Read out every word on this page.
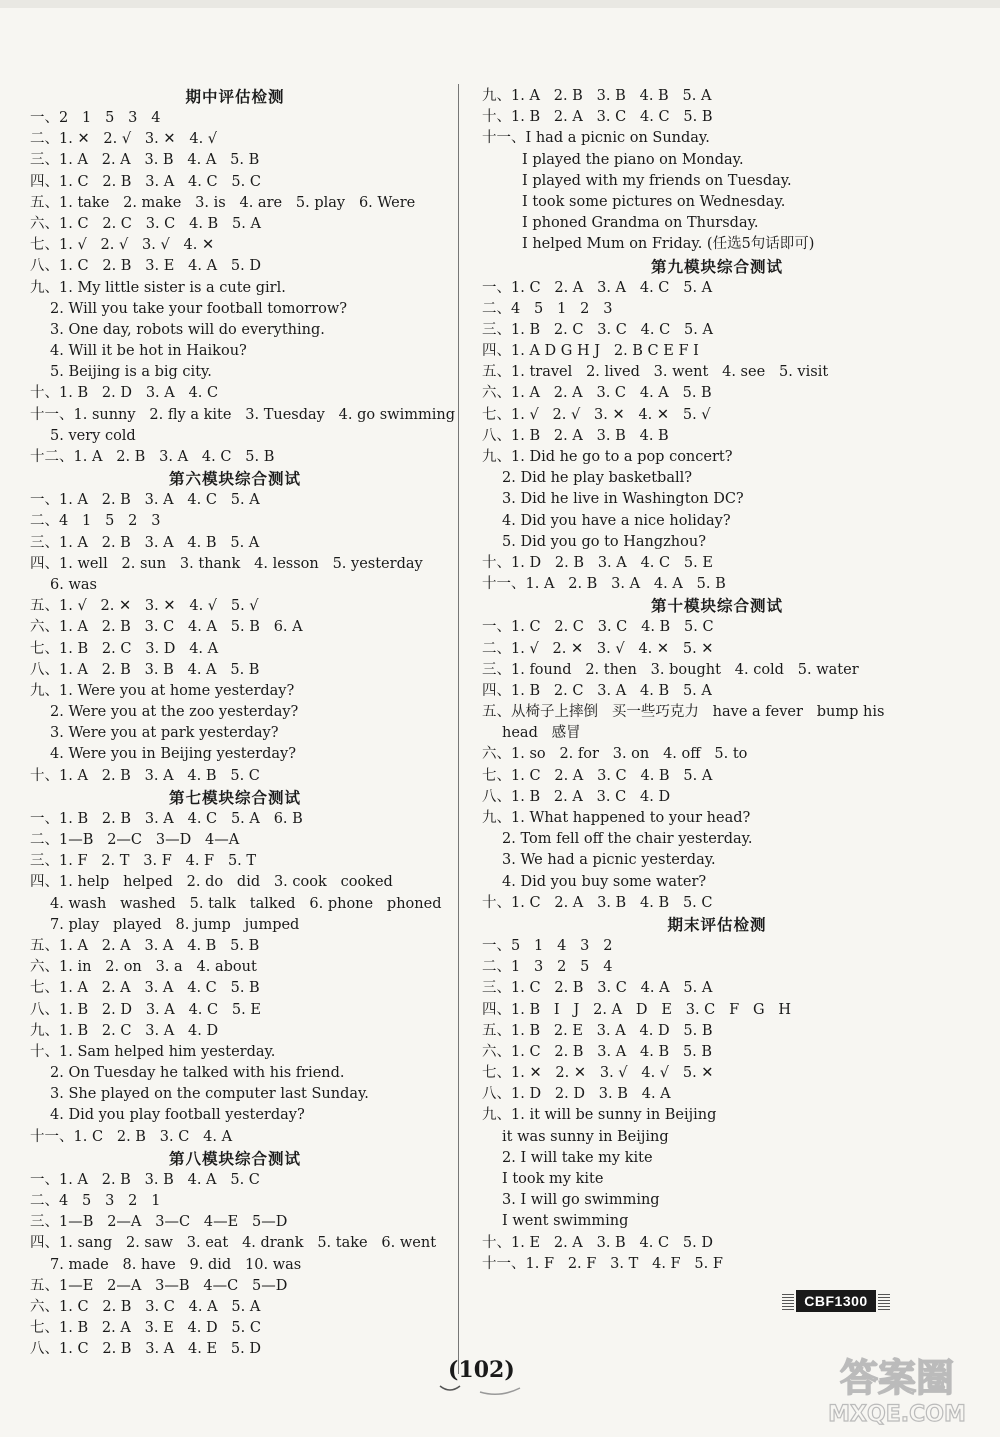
期中评估检测
一、2   1   5   3   4
二、1. ✕   2. √   3. ✕   4. √
三、1. A   2. A   3. B   4. A   5. B
四、1. C   2. B   3. A   4. C   5. C
五、1. take   2. make   3. is   4. are   5. play   6. Were
六、1. C   2. C   3. C   4. B   5. A
七、1. √   2. √   3. √   4. ✕
八、1. C   2. B   3. E   4. A   5. D
九、1. My little sister is a cute girl.
2. Will you take your football tomorrow?
3. One day, robots will do everything.
4. Will it be hot in Haikou?
5. Beijing is a big city.
十、1. B   2. D   3. A   4. C
十一、1. sunny   2. fly a kite   3. Tuesday   4. go swimming
5. very cold
十二、1. A   2. B   3. A   4. C   5. B
第六模块综合测试
一、1. A   2. B   3. A   4. C   5. A
二、4   1   5   2   3
三、1. A   2. B   3. A   4. B   5. A
四、1. well   2. sun   3. thank   4. lesson   5. yesterday
6. was
五、1. √   2. ✕   3. ✕   4. √   5. √
六、1. A   2. B   3. C   4. A   5. B   6. A
七、1. B   2. C   3. D   4. A
八、1. A   2. B   3. B   4. A   5. B
九、1. Were you at home yesterday?
2. Were you at the zoo yesterday?
3. Were you at park yesterday?
4. Were you in Beijing yesterday?
十、1. A   2. B   3. A   4. B   5. C
第七模块综合测试
一、1. B   2. B   3. A   4. C   5. A   6. B
二、1—B   2—C   3—D   4—A
三、1. F   2. T   3. F   4. F   5. T
四、1. help   helped   2. do   did   3. cook   cooked
4. wash   washed   5. talk   talked   6. phone   phoned
7. play   played   8. jump   jumped
五、1. A   2. A   3. A   4. B   5. B
六、1. in   2. on   3. a   4. about
七、1. A   2. A   3. A   4. C   5. B
八、1. B   2. D   3. A   4. C   5. E
九、1. B   2. C   3. A   4. D
十、1. Sam helped him yesterday.
2. On Tuesday he talked with his friend.
3. She played on the computer last Sunday.
4. Did you play football yesterday?
十一、1. C   2. B   3. C   4. A
第八模块综合测试
一、1. A   2. B   3. B   4. A   5. C
二、4   5   3   2   1
三、1—B   2—A   3—C   4—E   5—D
四、1. sang   2. saw   3. eat   4. drank   5. take   6. went
7. made   8. have   9. did   10. was
五、1—E   2—A   3—B   4—C   5—D
六、1. C   2. B   3. C   4. A   5. A
七、1. B   2. A   3. E   4. D   5. C
八、1. C   2. B   3. A   4. E   5. D
九、1. A   2. B   3. B   4. B   5. A
十、1. B   2. A   3. C   4. C   5. B
十一、I had a picnic on Sunday.
I played the piano on Monday.
I played with my friends on Tuesday.
I took some pictures on Wednesday.
I phoned Grandma on Thursday.
I helped Mum on Friday. (任选5句话即可)
第九模块综合测试
一、1. C   2. A   3. A   4. C   5. A
二、4   5   1   2   3
三、1. B   2. C   3. C   4. C   5. A
四、1. A D G H J   2. B C E F I
五、1. travel   2. lived   3. went   4. see   5. visit
六、1. A   2. A   3. C   4. A   5. B
七、1. √   2. √   3. ✕   4. ✕   5. √
八、1. B   2. A   3. B   4. B
九、1. Did he go to a pop concert?
2. Did he play basketball?
3. Did he live in Washington DC?
4. Did you have a nice holiday?
5. Did you go to Hangzhou?
十、1. D   2. B   3. A   4. C   5. E
十一、1. A   2. B   3. A   4. A   5. B
第十模块综合测试
一、1. C   2. C   3. C   4. B   5. C
二、1. √   2. ✕   3. √   4. ✕   5. ✕
三、1. found   2. then   3. bought   4. cold   5. water
四、1. B   2. C   3. A   4. B   5. A
五、从椅子上摔倒   买一些巧克力   have a fever   bump his
head   感冒
六、1. so   2. for   3. on   4. off   5. to
七、1. C   2. A   3. C   4. B   5. A
八、1. B   2. A   3. C   4. D
九、1. What happened to your head?
2. Tom fell off the chair yesterday.
3. We had a picnic yesterday.
4. Did you buy some water?
十、1. C   2. A   3. B   4. B   5. C
期末评估检测
一、5   1   4   3   2
二、1   3   2   5   4
三、1. C   2. B   3. C   4. A   5. A
四、1. B   I   J   2. A   D   E   3. C   F   G   H
五、1. B   2. E   3. A   4. D   5. B
六、1. C   2. B   3. A   4. B   5. B
七、1. ✕   2. ✕   3. √   4. √   5. ✕
八、1. D   2. D   3. B   4. A
九、1. it will be sunny in Beijing
it was sunny in Beijing
2. I will take my kite
I took my kite
3. I will go swimming
I went swimming
十、1. E   2. A   3. B   4. C   5. D
十一、1. F   2. F   3. T   4. F   5. F
CBF1300
(102)	答案圈
MXQE.COM
